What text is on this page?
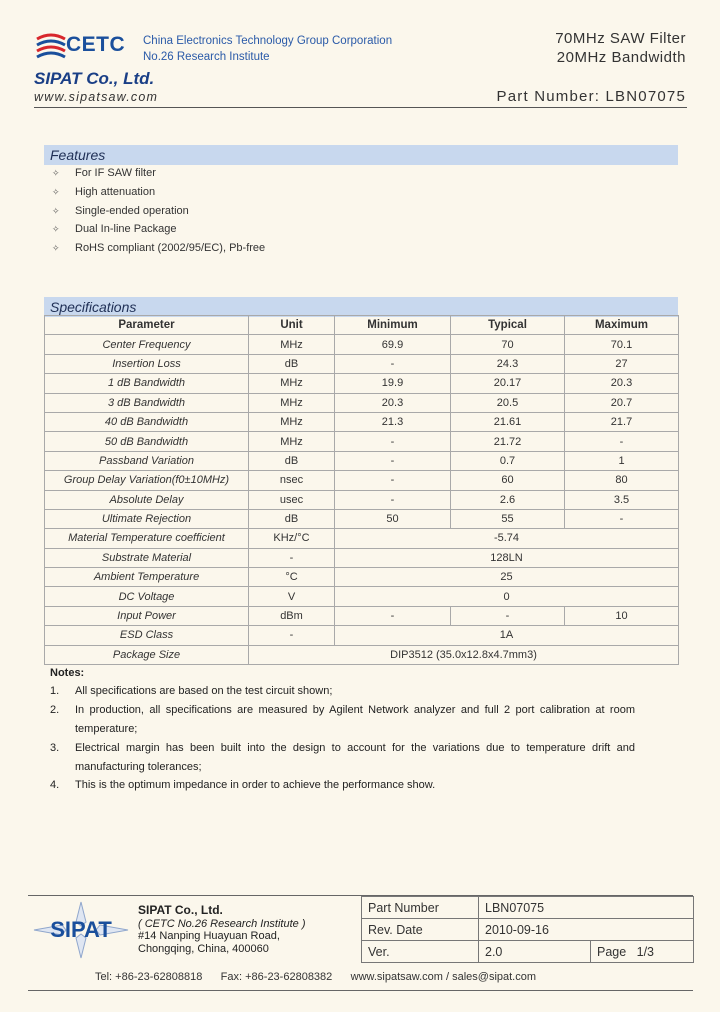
CETC China Electronics Technology Group Corporation
No.26 Research Institute
70MHz SAW Filter
20MHz Bandwidth
SIPAT Co., Ltd.
www.sipatsaw.com	Part Number: LBN07075
Features
✧ For IF SAW filter
✧ High attenuation
✧ Single-ended operation
✧ Dual In-line Package
✧ RoHS compliant (2002/95/EC), Pb-free
Specifications
Parameter	Unit	Minimum	Typical	Maximum
Center Frequency	MHz	69.9	70	70.1
Insertion Loss	dB	-	24.3	27
1 dB Bandwidth	MHz	19.9	20.17	20.3
3 dB Bandwidth	MHz	20.3	20.5	20.7
40 dB Bandwidth	MHz	21.3	21.61	21.7
50 dB Bandwidth	MHz	-	21.72	-
Passband Variation	dB	-	0.7	1
Group Delay Variation(f0±10MHz)	nsec	-	60	80
Absolute Delay	usec	-	2.6	3.5
Ultimate Rejection	dB	50	55	-
Material Temperature coefficient	KHz/°C	-5.74		
Substrate Material	-	128LN		
Ambient Temperature	°C	25		
DC Voltage	V	0		
Input Power	dBm	-	-	10
ESD Class	-	1A		
Package Size	DIP3512 (35.0x12.8x4.7mm3)			
Notes:
1. All specifications are based on the test circuit shown;
2. In production, all specifications are measured by Agilent Network analyzer and full 2 port calibration at room
temperature;
3. Electrical margin has been built into the design to account for the variations due to temperature drift and
manufacturing tolerances;
4. This is the optimum impedance in order to achieve the performance show.
SIPAT
SIPAT Co., Ltd.
( CETC No.26 Research Institute )
#14 Nanping Huayuan Road,
Chongqing, China, 400060
Part Number	LBN07075	
Rev. Date	2010-09-16	
Ver.	2.0	Page 1/3
Tel: +86-23-62808818      Fax: +86-23-62808382      www.sipatsaw.com / sales@sipat.com
